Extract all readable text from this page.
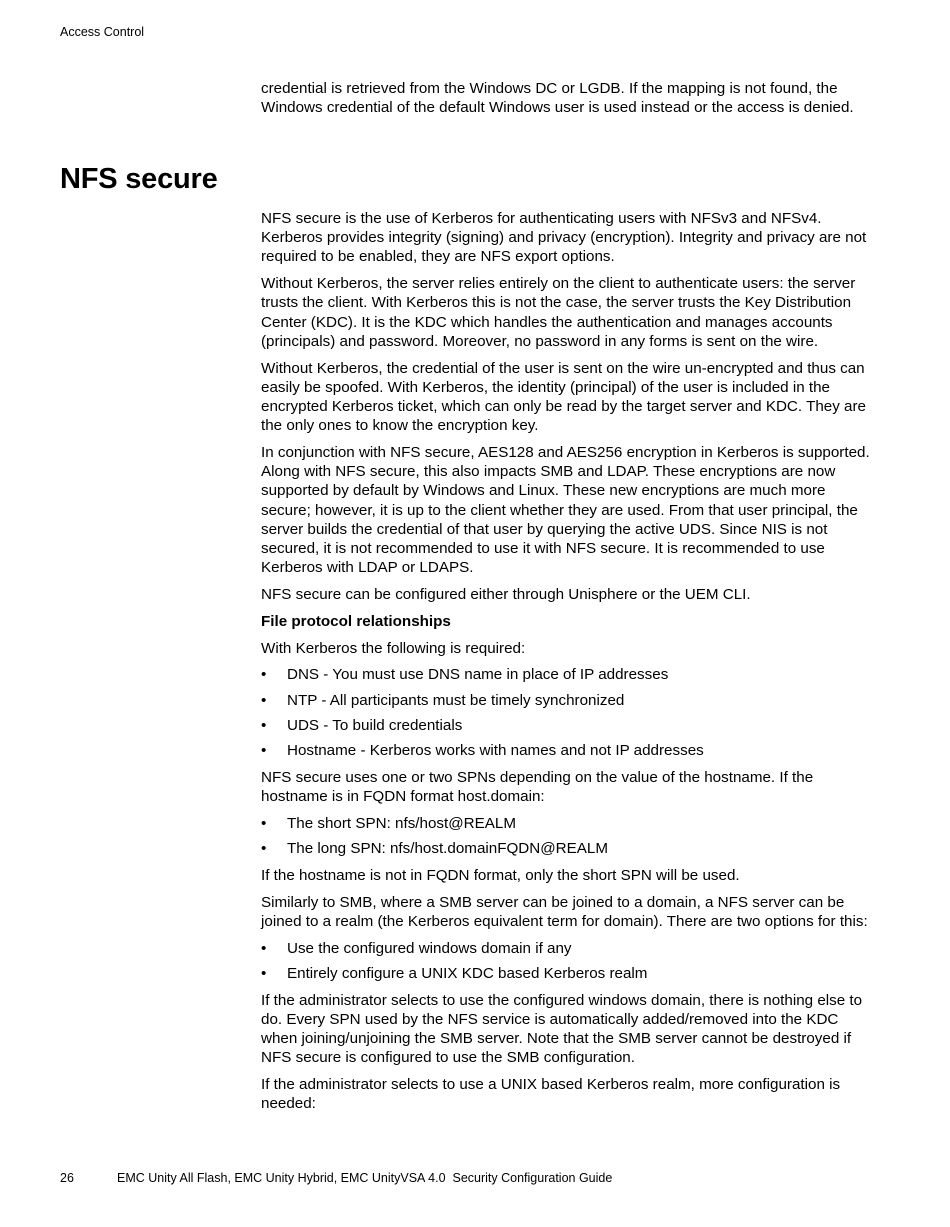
Access Control

credential is retrieved from the Windows DC or LGDB. If the mapping is not found, the Windows credential of the default Windows user is used instead or the access is denied.

NFS secure

NFS secure is the use of Kerberos for authenticating users with NFSv3 and NFSv4. Kerberos provides integrity (signing) and privacy (encryption). Integrity and privacy are not required to be enabled, they are NFS export options.

Without Kerberos, the server relies entirely on the client to authenticate users: the server trusts the client. With Kerberos this is not the case, the server trusts the Key Distribution Center (KDC). It is the KDC which handles the authentication and manages accounts (principals) and password. Moreover, no password in any forms is sent on the wire.

Without Kerberos, the credential of the user is sent on the wire un-encrypted and thus can easily be spoofed. With Kerberos, the identity (principal) of the user is included in the encrypted Kerberos ticket, which can only be read by the target server and KDC. They are the only ones to know the encryption key.

In conjunction with NFS secure, AES128 and AES256 encryption in Kerberos is supported. Along with NFS secure, this also impacts SMB and LDAP. These encryptions are now supported by default by Windows and Linux. These new encryptions are much more secure; however, it is up to the client whether they are used. From that user principal, the server builds the credential of that user by querying the active UDS. Since NIS is not secured, it is not recommended to use it with NFS secure. It is recommended to use Kerberos with LDAP or LDAPS.

NFS secure can be configured either through Unisphere or the UEM CLI.

File protocol relationships

With Kerberos the following is required:

• DNS - You must use DNS name in place of IP addresses
• NTP - All participants must be timely synchronized
• UDS - To build credentials
• Hostname - Kerberos works with names and not IP addresses

NFS secure uses one or two SPNs depending on the value of the hostname. If the hostname is in FQDN format host.domain:

• The short SPN: nfs/host@REALM
• The long SPN: nfs/host.domainFQDN@REALM

If the hostname is not in FQDN format, only the short SPN will be used.

Similarly to SMB, where a SMB server can be joined to a domain, a NFS server can be joined to a realm (the Kerberos equivalent term for domain). There are two options for this:

• Use the configured windows domain if any
• Entirely configure a UNIX KDC based Kerberos realm

If the administrator selects to use the configured windows domain, there is nothing else to do. Every SPN used by the NFS service is automatically added/removed into the KDC when joining/unjoining the SMB server. Note that the SMB server cannot be destroyed if NFS secure is configured to use the SMB configuration.

If the administrator selects to use a UNIX based Kerberos realm, more configuration is needed:

26	EMC Unity All Flash, EMC Unity Hybrid, EMC UnityVSA 4.0  Security Configuration Guide
